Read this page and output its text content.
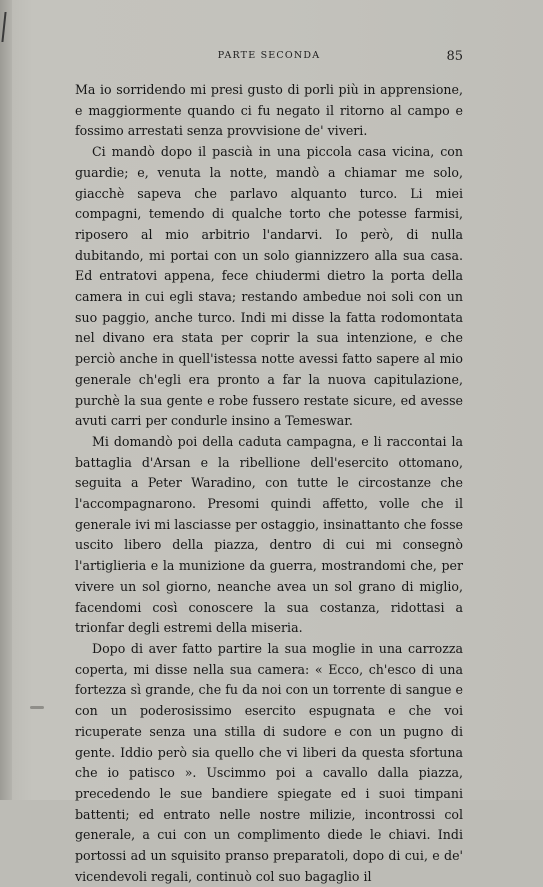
PARTE SECONDA	85

Ma io sorridendo mi presi gusto di porli più in apprensione, e maggiormente quando ci fu negato il ritorno al campo e fossimo arrestati senza provvisione de' viveri.

Ci mandò dopo il pascià in una piccola casa vicina, con guardie; e, venuta la notte, mandò a chiamar me solo, giacchè sapeva che parlavo alquanto turco. Li miei compagni, temendo di qualche torto che potesse farmisi, riposero al mio arbitrio l'andarvi. Io però, di nulla dubitando, mi portai con un solo giannizzero alla sua casa. Ed entratovi appena, fece chiudermi dietro la porta della camera in cui egli stava; restando ambedue noi soli con un suo paggio, anche turco. Indi mi disse la fatta rodomontata nel divano era stata per coprir la sua intenzione, e che perciò anche in quell'istessa notte avessi fatto sapere al mio generale ch'egli era pronto a far la nuova capitulazione, purchè la sua gente e robe fussero restate sicure, ed avesse avuti carri per condurle insino a Temeswar.

Mi domandò poi della caduta campagna, e li raccontai la battaglia d'Arsan e la ribellione dell'esercito ottomano, seguita a Peter Waradino, con tutte le circostanze che l'accompagnarono. Presomi quindi affetto, volle che il generale ivi mi lasciasse per ostaggio, insinattanto che fosse uscito libero della piazza, dentro di cui mi consegnò l'artiglieria e la munizione da guerra, mostrandomi che, per vivere un sol giorno, neanche avea un sol grano di miglio, facendomi così conoscere la sua costanza, ridottasi a trionfar degli estremi della miseria.

Dopo di aver fatto partire la sua moglie in una carrozza coperta, mi disse nella sua camera: « Ecco, ch'esco di una fortezza sì grande, che fu da noi con un torrente di sangue e con un poderosissimo esercito espugnata e che voi ricuperate senza una stilla di sudore e con un pugno di gente. Iddio però sia quello che vi liberi da questa sfortuna che io patisco ». Uscimmo poi a cavallo dalla piazza, precedendo le sue bandiere spiegate ed i suoi timpani battenti; ed entrato nelle nostre milizie, incontrossi col generale, a cui con un complimento diede le chiavi. Indi portossi ad un squisito pranso preparatoli, dopo di cui, e de' vicendevoli regali, continuò col suo bagaglio il
